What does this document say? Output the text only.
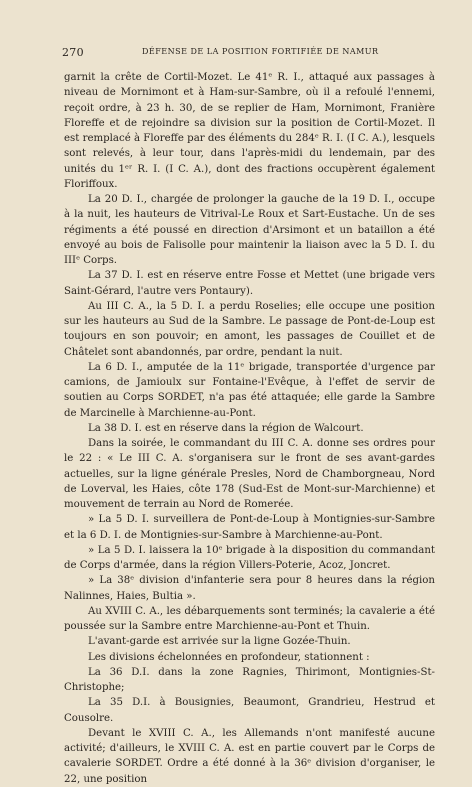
270	DÉFENSE DE LA POSITION FORTIFIÉE DE NAMUR

garnit la crête de Cortil-Mozet. Le 41ᵉ R. I., attaqué aux passages à niveau de Mornimont et à Ham-sur-Sambre, où il a refoulé l'ennemi, reçoit ordre, à 23 h. 30, de se replier de Ham, Mornimont, Franière Floreffe et de rejoindre sa division sur la position de Cortil-Mozet. Il est remplacé à Floreffe par des éléments du 284ᵉ R. I. (I C. A.), lesquels sont relevés, à leur tour, dans l'après-midi du lendemain, par des unités du 1ᵉʳ R. I. (I C. A.), dont des fractions occupèrent également Floriffoux.

La 20 D. I., chargée de prolonger la gauche de la 19 D. I., occupe à la nuit, les hauteurs de Vitrival-Le Roux et Sart-Eustache. Un de ses régiments a été poussé en direction d'Arsimont et un bataillon a été envoyé au bois de Falisolle pour maintenir la liaison avec la 5 D. I. du IIIᵉ Corps.

La 37 D. I. est en réserve entre Fosse et Mettet (une brigade vers Saint-Gérard, l'autre vers Pontaury).

Au III C. A., la 5 D. I. a perdu Roselies; elle occupe une position sur les hauteurs au Sud de la Sambre. Le passage de Pont-de-Loup est toujours en son pouvoir; en amont, les passages de Couillet et de Châtelet sont abandonnés, par ordre, pendant la nuit.

La 6 D. I., amputée de la 11ᵉ brigade, transportée d'urgence par camions, de Jamioulx sur Fontaine-l'Evêque, à l'effet de servir de soutien au Corps SORDET, n'a pas été attaquée; elle garde la Sambre de Marcinelle à Marchienne-au-Pont.

La 38 D. I. est en réserve dans la région de Walcourt.

Dans la soirée, le commandant du III C. A. donne ses ordres pour le 22 : « Le III C. A. s'organisera sur le front de ses avant-gardes actuelles, sur la ligne générale Presles, Nord de Chamborgneau, Nord de Loverval, les Haies, côte 178 (Sud-Est de Mont-sur-Marchienne) et mouvement de terrain au Nord de Romerée.

» La 5 D. I. surveillera de Pont-de-Loup à Montignies-sur-Sambre et la 6 D. I. de Montignies-sur-Sambre à Marchienne-au-Pont.

» La 5 D. I. laissera la 10ᵉ brigade à la disposition du commandant de Corps d'armée, dans la région Villers-Poterie, Acoz, Joncret.

» La 38ᵉ division d'infanterie sera pour 8 heures dans la région Nalinnes, Haies, Bultia ».

Au XVIII C. A., les débarquements sont terminés; la cavalerie a été poussée sur la Sambre entre Marchienne-au-Pont et Thuin.

L'avant-garde est arrivée sur la ligne Gozée-Thuin.

Les divisions échelonnées en profondeur, stationnent :

La 36 D.I. dans la zone Ragnies, Thirimont, Montignies-St-Christophe;

La 35 D.I. à Bousignies, Beaumont, Grandrieu, Hestrud et Cousolre.

Devant le XVIII C. A., les Allemands n'ont manifesté aucune activité; d'ailleurs, le XVIII C. A. est en partie couvert par le Corps de cavalerie SORDET. Ordre a été donné à la 36ᵉ division d'organiser, le 22, une position
